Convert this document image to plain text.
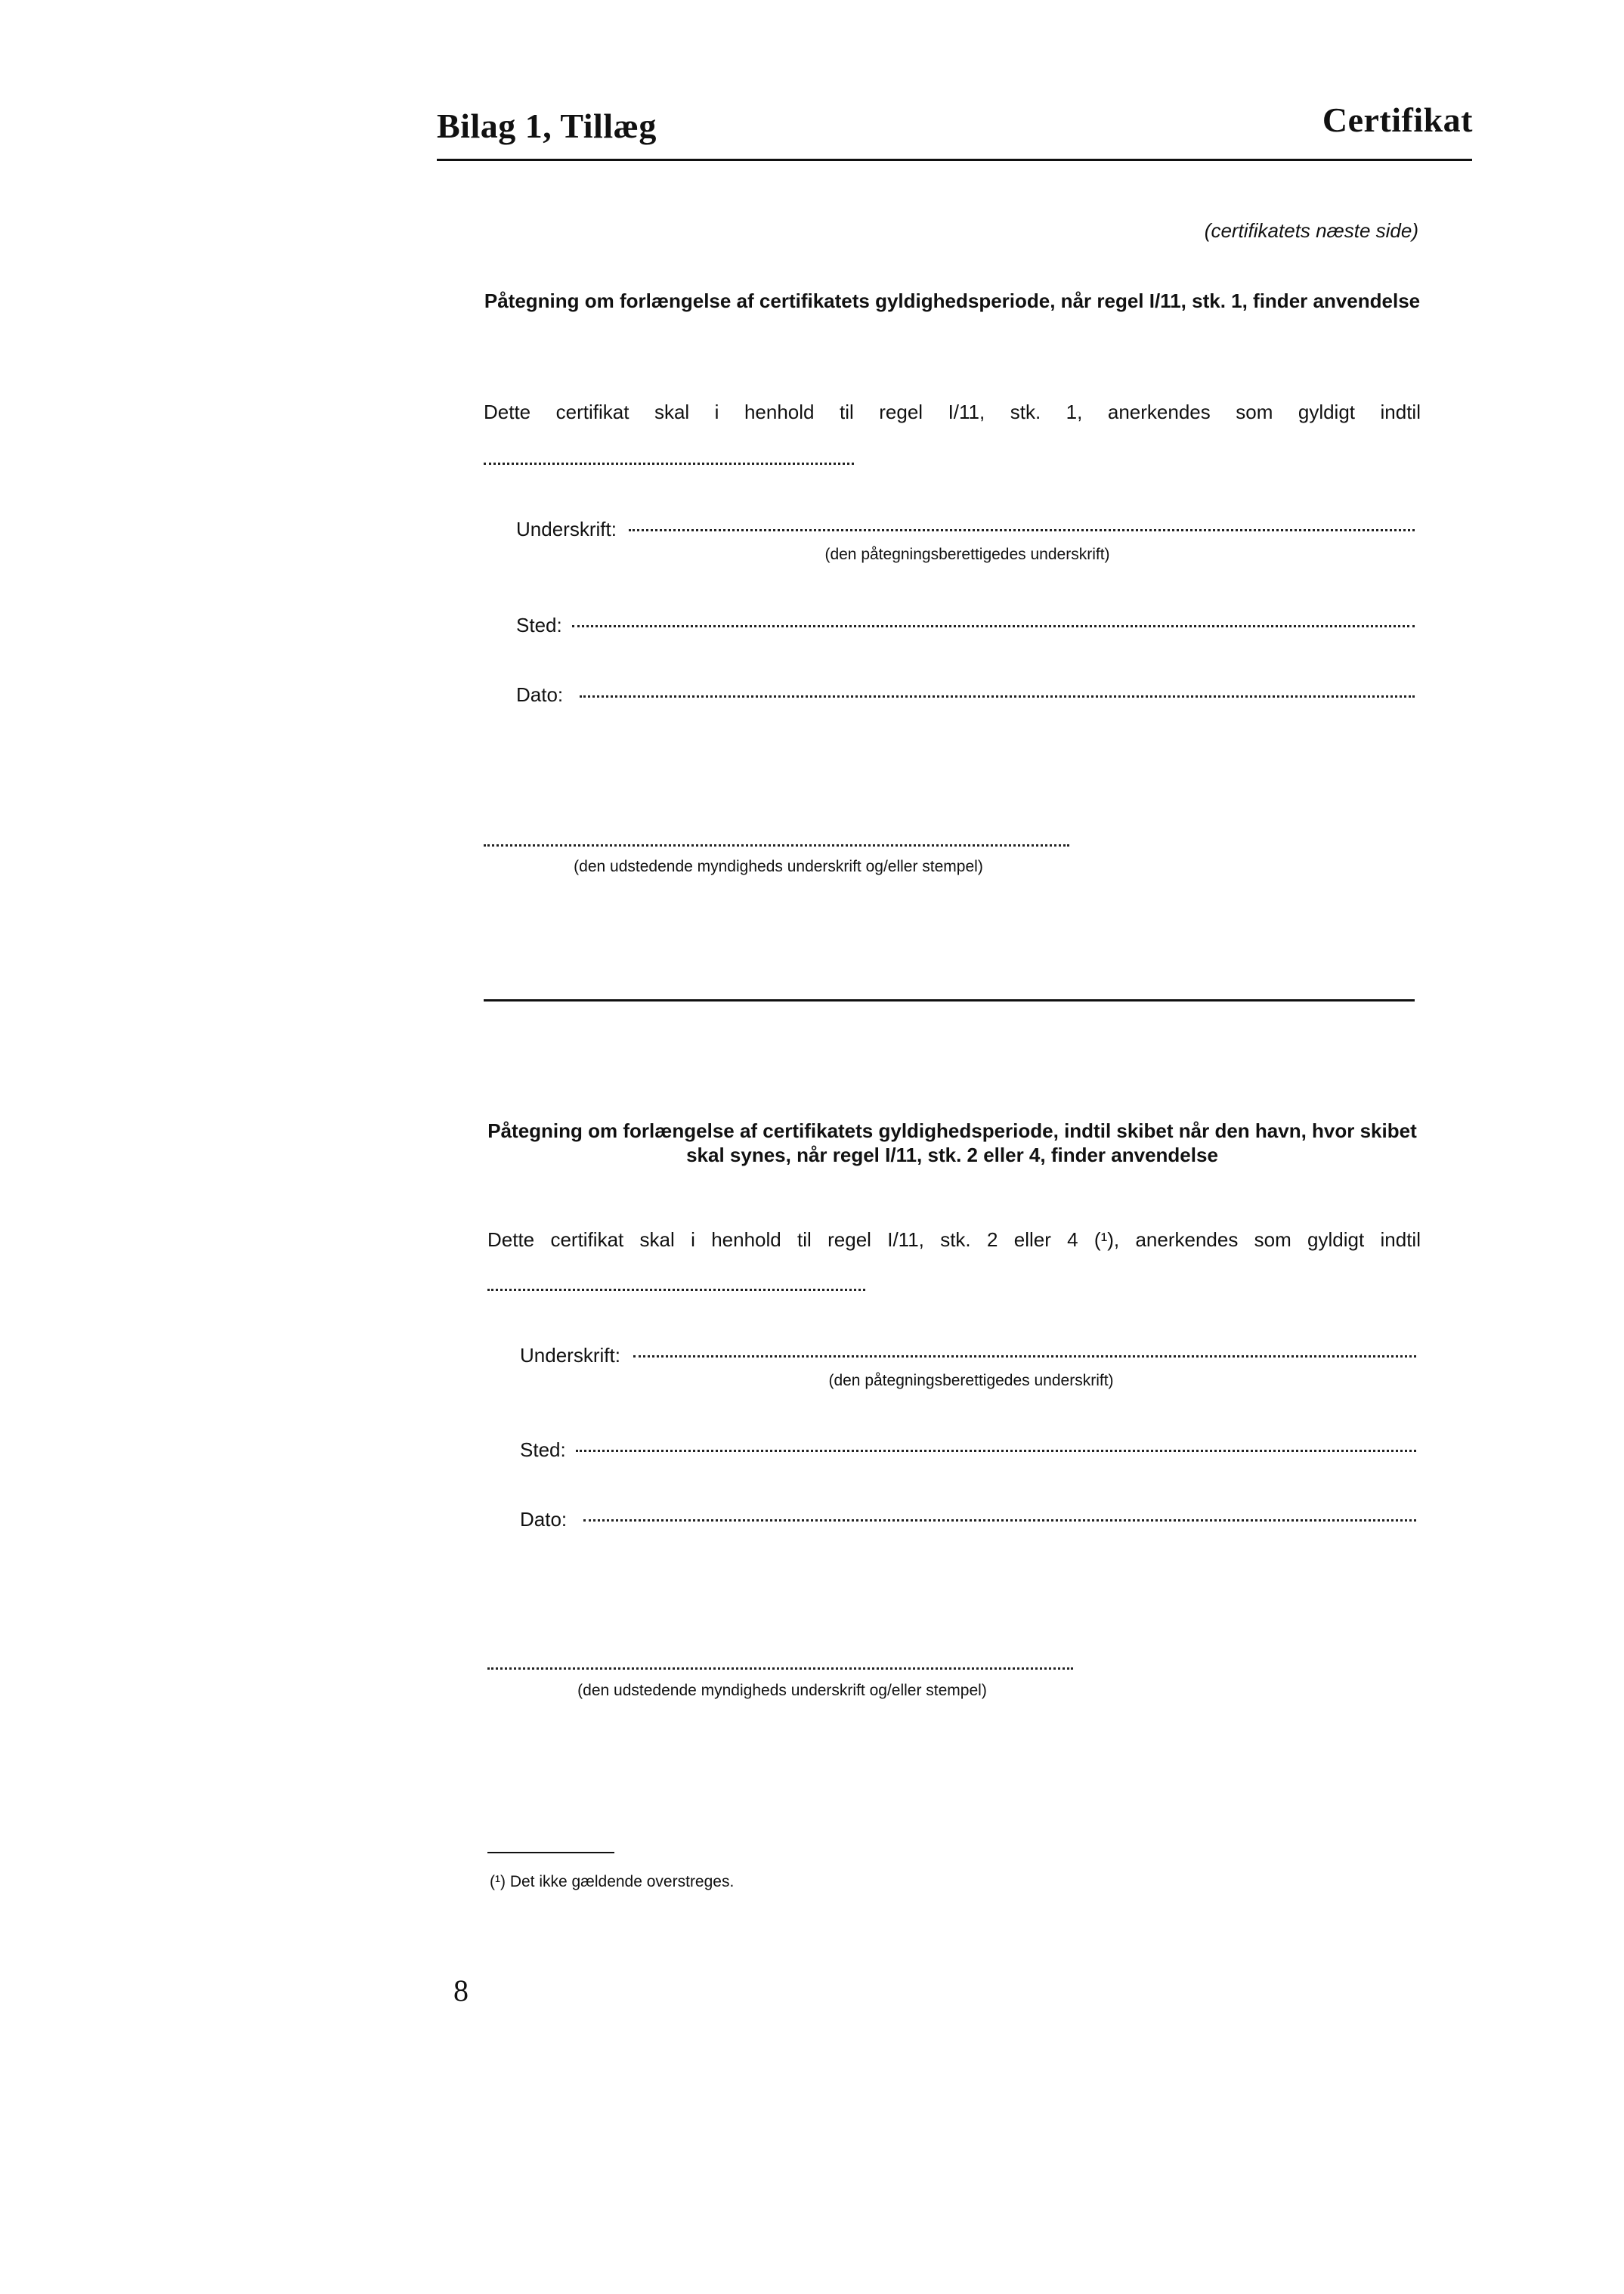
Bilag 1, Tillæg	Certifikat
(certifikatets næste side)
Påtegning om forlængelse af certifikatets gyldighedsperiode, når regel I/11, stk. 1, finder anvendelse
Dette certifikat skal i henhold til regel I/11, stk. 1, anerkendes som gyldigt indtil
Underskrift:
(den påtegningsberettigedes underskrift)
Sted:
Dato:
(den udstedende myndigheds underskrift og/eller stempel)
Påtegning om forlængelse af certifikatets gyldighedsperiode, indtil skibet når den havn, hvor skibet skal synes, når regel I/11, stk. 2 eller 4, finder anvendelse
Dette certifikat skal i henhold til regel I/11, stk. 2 eller 4 (¹), anerkendes som gyldigt indtil
Underskrift:
(den påtegningsberettigedes underskrift)
Sted:
Dato:
(den udstedende myndigheds underskrift og/eller stempel)
(¹) Det ikke gældende overstreges.
8
